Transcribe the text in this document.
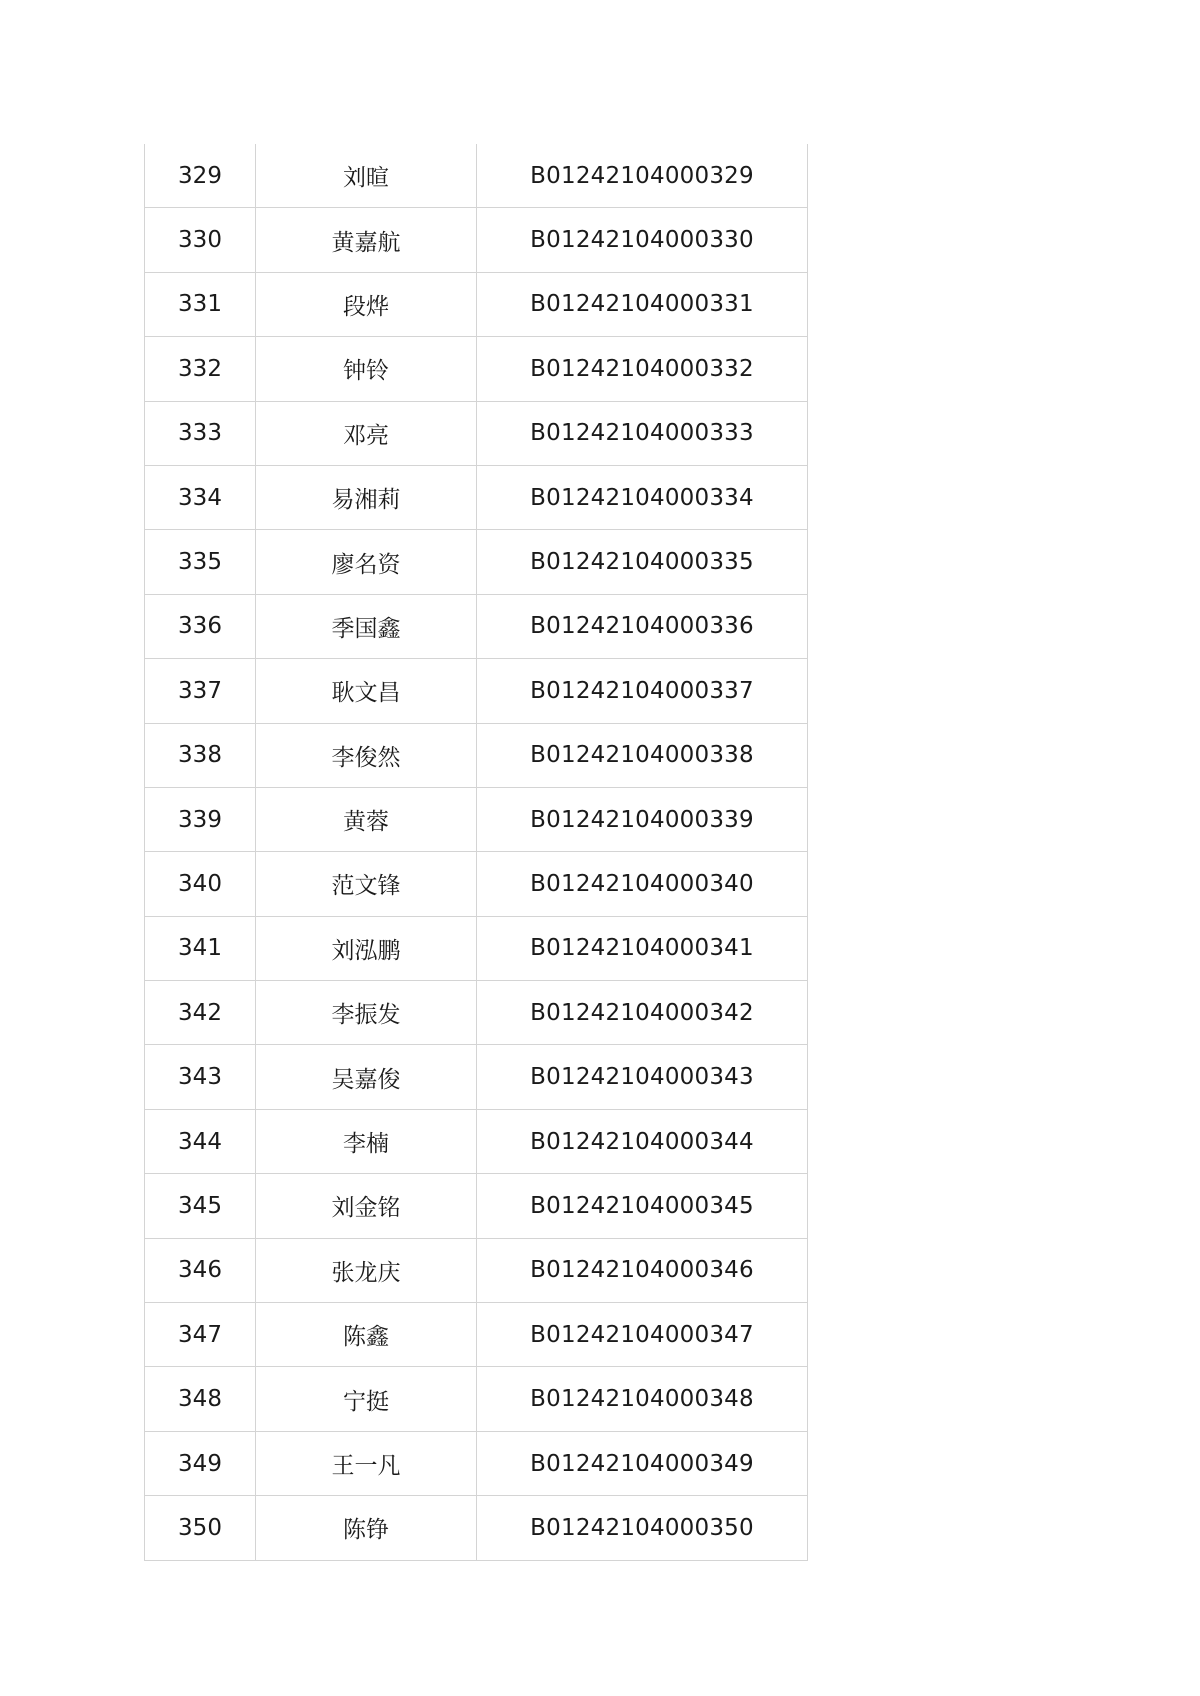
329	刘暄	B01242104000329
330	黄嘉航	B01242104000330
331	段烨	B01242104000331
332	钟铃	B01242104000332
333	邓亮	B01242104000333
334	易湘莉	B01242104000334
335	廖名资	B01242104000335
336	季国鑫	B01242104000336
337	耿文昌	B01242104000337
338	李俊然	B01242104000338
339	黄蓉	B01242104000339
340	范文锋	B01242104000340
341	刘泓鹏	B01242104000341
342	李振发	B01242104000342
343	吴嘉俊	B01242104000343
344	李楠	B01242104000344
345	刘金铭	B01242104000345
346	张龙庆	B01242104000346
347	陈鑫	B01242104000347
348	宁挺	B01242104000348
349	王一凡	B01242104000349
350	陈铮	B01242104000350
